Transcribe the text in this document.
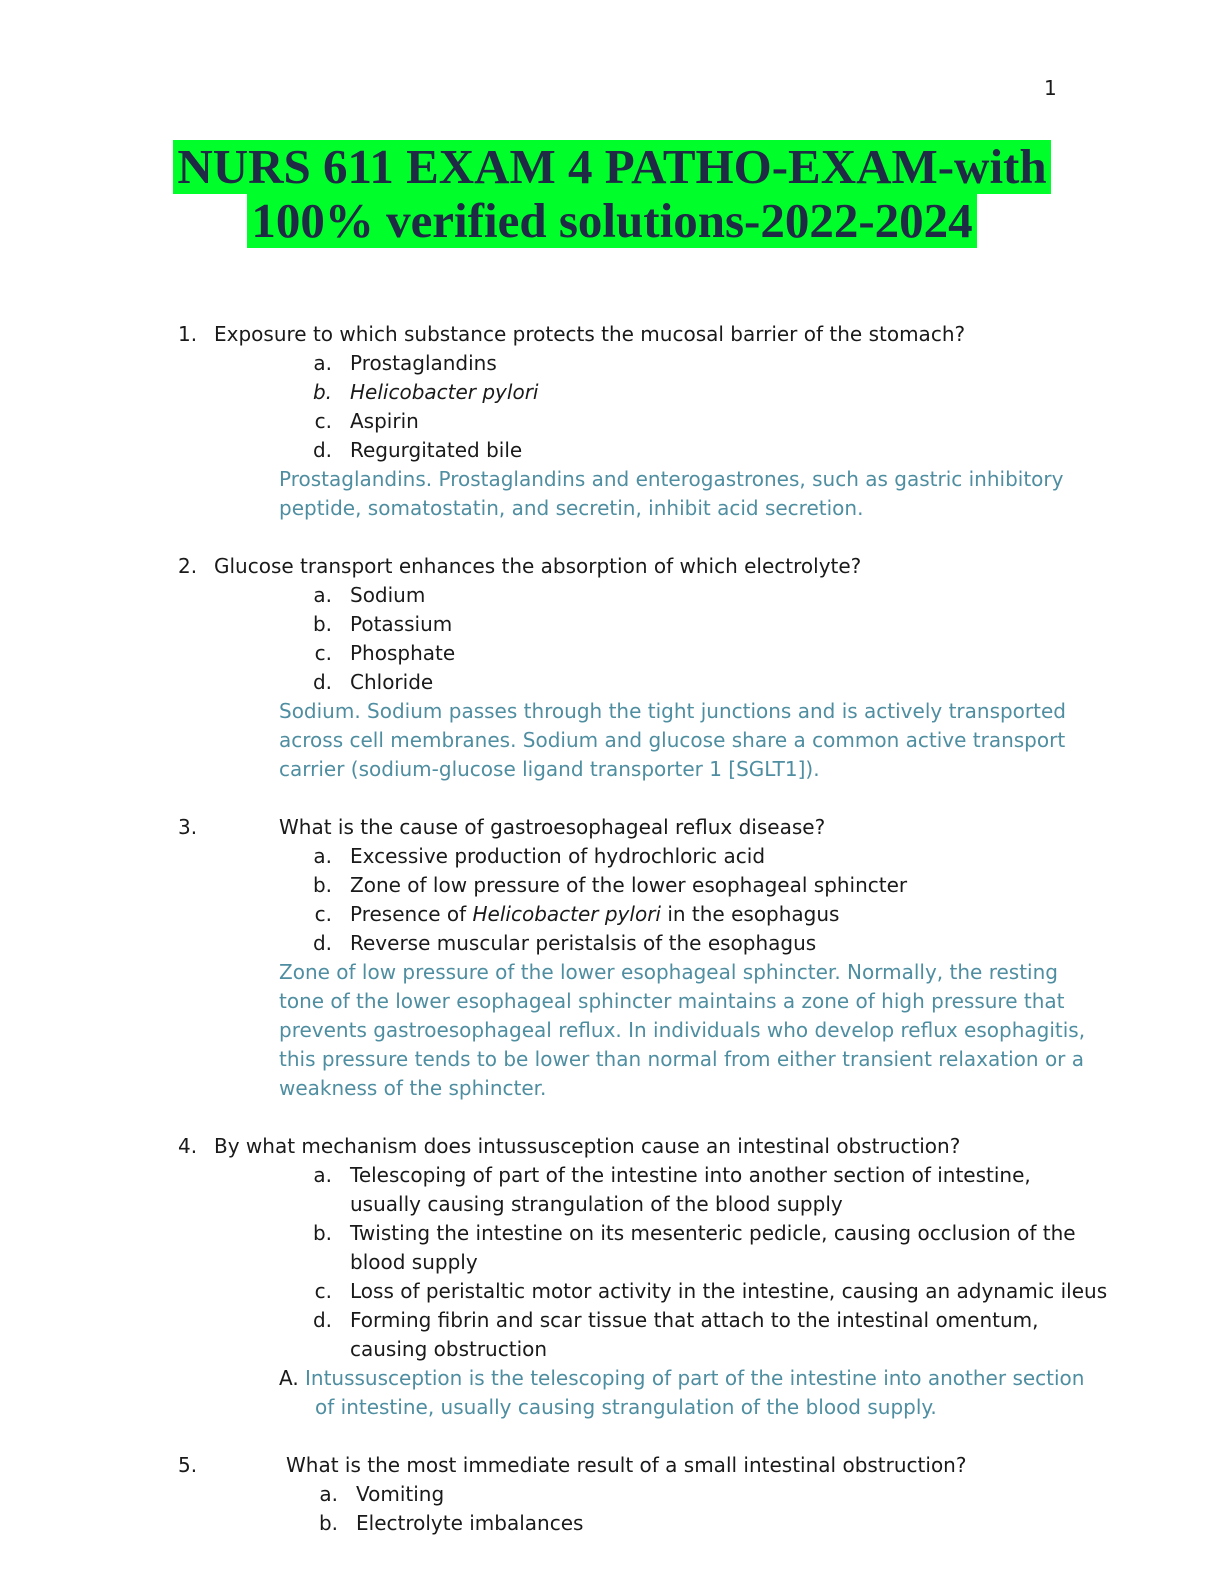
1
NURS 611 EXAM 4 PATHO-EXAM-with
100% verified solutions-2022-2024
1. Exposure to which substance protects the mucosal barrier of the stomach?
a. Prostaglandins
b. Helicobacter pylori
c. Aspirin
d. Regurgitated bile
Prostaglandins. Prostaglandins and enterogastrones, such as gastric inhibitory
peptide, somatostatin, and secretin, inhibit acid secretion.
2. Glucose transport enhances the absorption of which electrolyte?
a. Sodium
b. Potassium
c. Phosphate
d. Chloride
Sodium. Sodium passes through the tight junctions and is actively transported
across cell membranes. Sodium and glucose share a common active transport
carrier (sodium-glucose ligand transporter 1 [SGLT1]).
3.	What is the cause of gastroesophageal reflux disease?
a. Excessive production of hydrochloric acid
b. Zone of low pressure of the lower esophageal sphincter
c. Presence of Helicobacter pylori in the esophagus
d. Reverse muscular peristalsis of the esophagus
Zone of low pressure of the lower esophageal sphincter. Normally, the resting
tone of the lower esophageal sphincter maintains a zone of high pressure that
prevents gastroesophageal reflux. In individuals who develop reflux esophagitis,
this pressure tends to be lower than normal from either transient relaxation or a
weakness of the sphincter.
4. By what mechanism does intussusception cause an intestinal obstruction?
a. Telescoping of part of the intestine into another section of intestine,
usually causing strangulation of the blood supply
b. Twisting the intestine on its mesenteric pedicle, causing occlusion of the
blood supply
c. Loss of peristaltic motor activity in the intestine, causing an adynamic ileus
d. Forming fibrin and scar tissue that attach to the intestinal omentum,
causing obstruction
A. Intussusception is the telescoping of part of the intestine into another section
of intestine, usually causing strangulation of the blood supply.
5.	What is the most immediate result of a small intestinal obstruction?
a. Vomiting
b. Electrolyte imbalances
